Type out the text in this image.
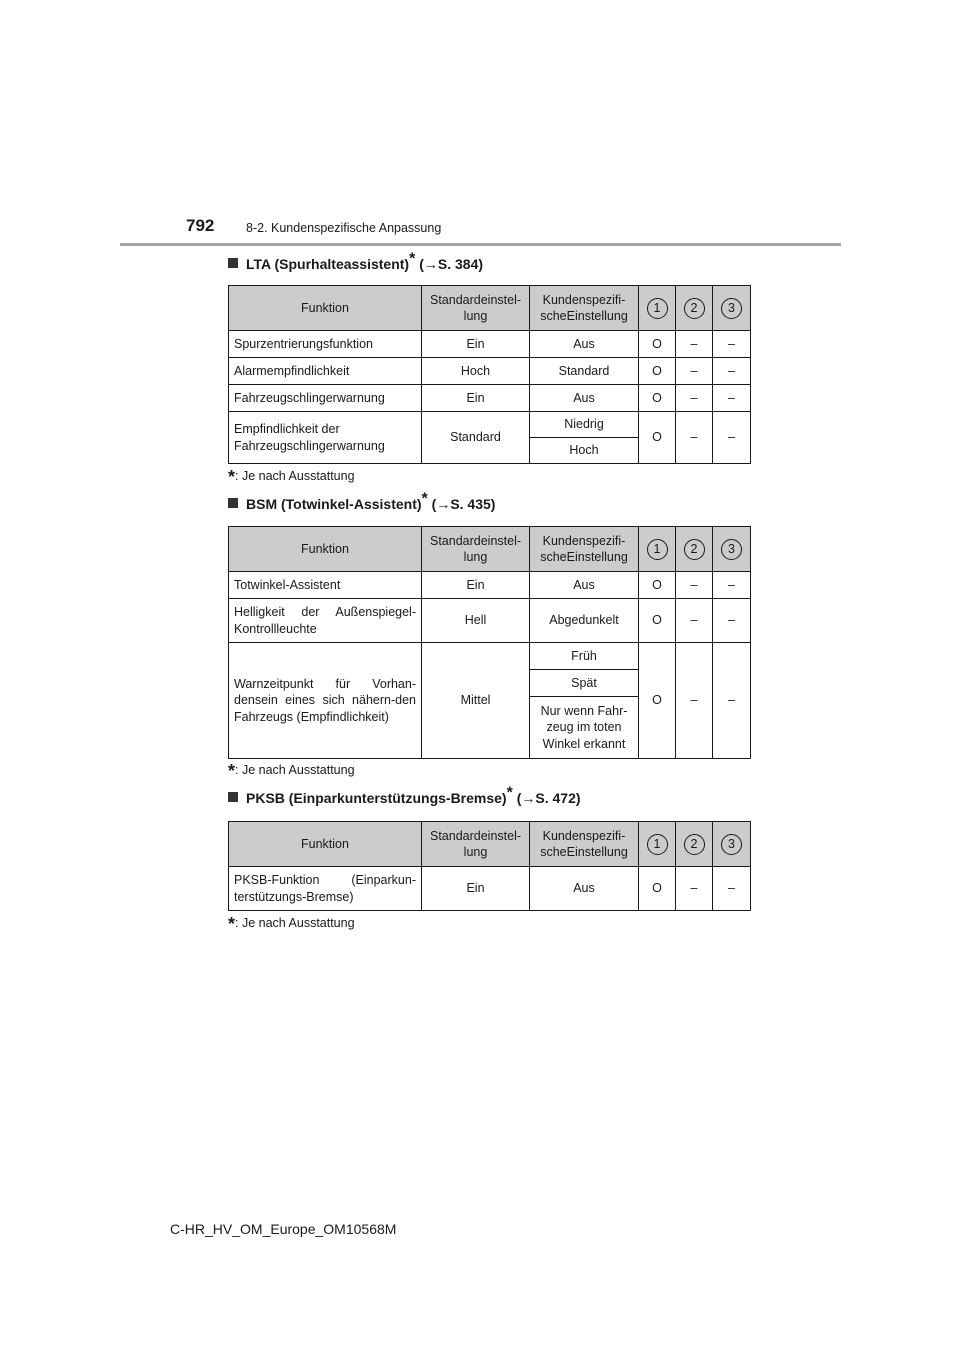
792	8-2. Kundenspezifische Anpassung
LTA (Spurhalteassistent)* (→S. 384)
Funktion	Standardeinstel-lung	Kundenspezifi-scheEinstellung	1	2	3
Spurzentrierungsfunktion	Ein	Aus	O	–	–
Alarmempfindlichkeit	Hoch	Standard	O	–	–
Fahrzeugschlingerwarnung	Ein	Aus	O	–	–
Empfindlichkeit der Fahrzeugschlingerwarnung	Standard	Niedrig	O	–	–
		Hoch			
*: Je nach Ausstattung
BSM (Totwinkel-Assistent)* (→S. 435)
Funktion	Standardeinstel-lung	Kundenspezifi-scheEinstellung	1	2	3
Totwinkel-Assistent	Ein	Aus	O	–	–
Helligkeit der Außenspiegel-Kontrollleuchte	Hell	Abgedunkelt	O	–	–
Warnzeitpunkt für Vorhan-densein eines sich nähern-den Fahrzeugs (Empfindlichkeit)	Mittel	Früh	O	–	–
		Spät			
		Nur wenn Fahr-zeug im toten Winkel erkannt			
*: Je nach Ausstattung
PKSB (Einparkunterstützungs-Bremse)* (→S. 472)
Funktion	Standardeinstel-lung	Kundenspezifi-scheEinstellung	1	2	3
PKSB-Funktion (Einparkun-terstützungs-Bremse)	Ein	Aus	O	–	–
*: Je nach Ausstattung
C-HR_HV_OM_Europe_OM10568M
